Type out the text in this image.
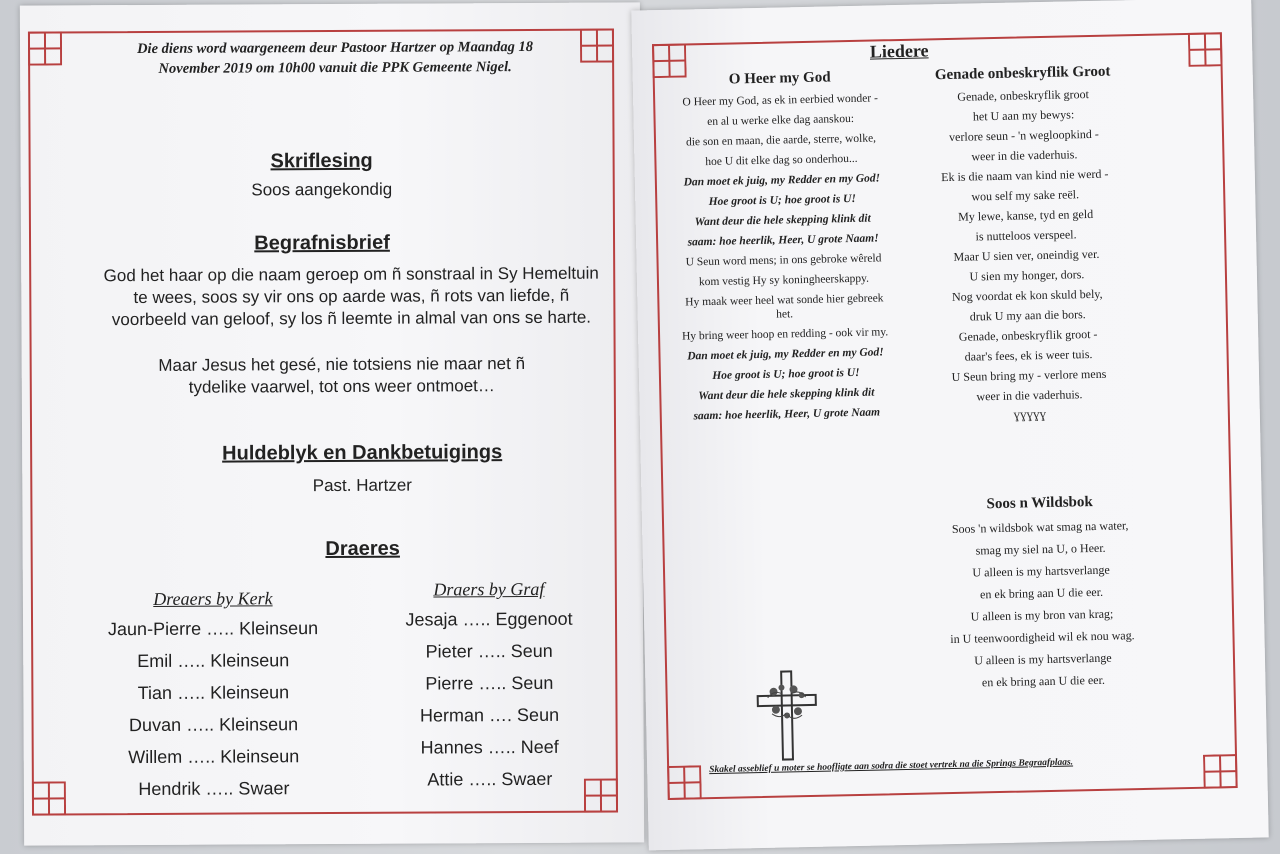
Die diens word waargeneem deur Pastoor Hartzer op Maandag 18 November 2019 om 10h00 vanuit die PPK Gemeente Nigel.
Skriflesing
Soos aangekondig
Begrafnisbrief
God het haar op die naam geroep om ñ sonstraal in Sy Hemeltuin te wees, soos sy vir ons op aarde was, ñ rots van liefde, ñ voorbeeld van geloof, sy los ñ leemte in almal van ons se harte.
Maar Jesus het gesé, nie totsiens nie maar net ñ tydelike vaarwel, tot ons weer ontmoet…
Huldeblyk en Dankbetuigings
Past. Hartzer
Draeres
Dreaers by Kerk	Draers by Graf
Jaun-Pierre ….. Kleinseun
Emil ….. Kleinseun
Tian ….. Kleinseun
Duvan ….. Kleinseun
Willem ….. Kleinseun
Hendrik ….. Swaer
Jesaja ….. Eggenoot
Pieter ….. Seun
Pierre ….. Seun
Herman …. Seun
Hannes ….. Neef
Attie ….. Swaer
Liedere
O Heer my God
O Heer my God, as ek in eerbied wonder -
en al u werke elke dag aanskou:
die son en maan, die aarde, sterre, wolke,
hoe U dit elke dag so onderhou...
Dan moet ek juig, my Redder en my God!
Hoe groot is U; hoe groot is U!
Want deur die hele skepping klink dit
saam: hoe heerlik, Heer, U grote Naam!
U Seun word mens; in ons gebroke wêreld
kom vestig Hy sy koningheerskappy.
Hy maak weer heel wat sonde hier gebreek het.
Hy bring weer hoop en redding - ook vir my.
Dan moet ek juig, my Redder en my God!
Hoe groot is U; hoe groot is U!
Want deur die hele skepping klink dit
saam: hoe heerlik, Heer, U grote Naam
Genade onbeskryflik Groot
Genade, onbeskryflik groot
het U aan my bewys:
verlore seun - 'n wegloopkind -
weer in die vaderhuis.
Ek is die naam van kind nie werd -
wou self my sake reël.
My lewe, kanse, tyd en geld
is nutteloos verspeel.
Maar U sien ver, oneindig ver.
U sien my honger, dors.
Nog voordat ek kon skuld bely,
druk U my aan die bors.
Genade, onbeskryflik groot -
daar's fees, ek is weer tuis.
U Seun bring my - verlore mens
weer in die vaderhuis.
ɣɣɣɣɣ
Soos n Wildsbok
Soos 'n wildsbok wat smag na water,
smag my siel na U, o Heer.
U alleen is my hartsverlange
en ek bring aan U die eer.
U alleen is my bron van krag;
in U teenwoordigheid wil ek nou wag.
U alleen is my hartsverlange
en ek bring aan U die eer.
Skakel asseblief u moter se hoofligte aan sodra die stoet vertrek na die Springs Begraafplaas.
